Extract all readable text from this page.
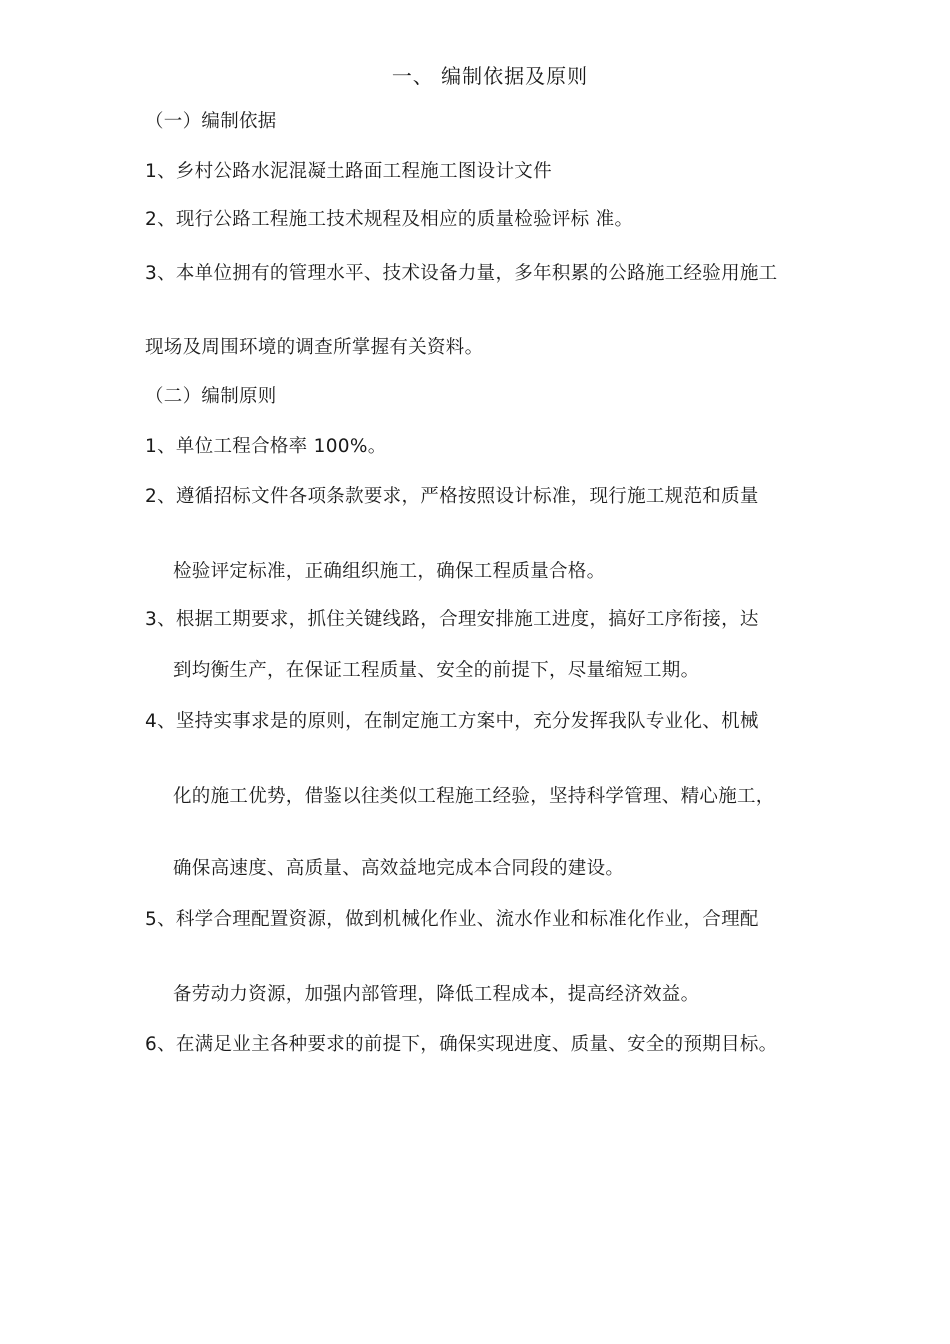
一、 编制依据及原则
（一）编制依据
1、乡村公路水泥混凝土路面工程施工图设计文件
2、现行公路工程施工技术规程及相应的质量检验评标 准。
3、本单位拥有的管理水平、技术设备力量，多年积累的公路施工经验用施工
现场及周围环境的调查所掌握有关资料。
（二）编制原则
1、单位工程合格率 100%。
2、遵循招标文件各项条款要求，严格按照设计标准，现行施工规范和质量
检验评定标准，正确组织施工，确保工程质量合格。
3、根据工期要求，抓住关键线路，合理安排施工进度，搞好工序衔接，达
到均衡生产，在保证工程质量、安全的前提下，尽量缩短工期。
4、坚持实事求是的原则，在制定施工方案中，充分发挥我队专业化、机械
化的施工优势，借鉴以往类似工程施工经验，坚持科学管理、精心施工，
确保高速度、高质量、高效益地完成本合同段的建设。
5、科学合理配置资源，做到机械化作业、流水作业和标准化作业，合理配
备劳动力资源，加强内部管理，降低工程成本，提高经济效益。
6、在满足业主各种要求的前提下，确保实现进度、质量、安全的预期目标。
